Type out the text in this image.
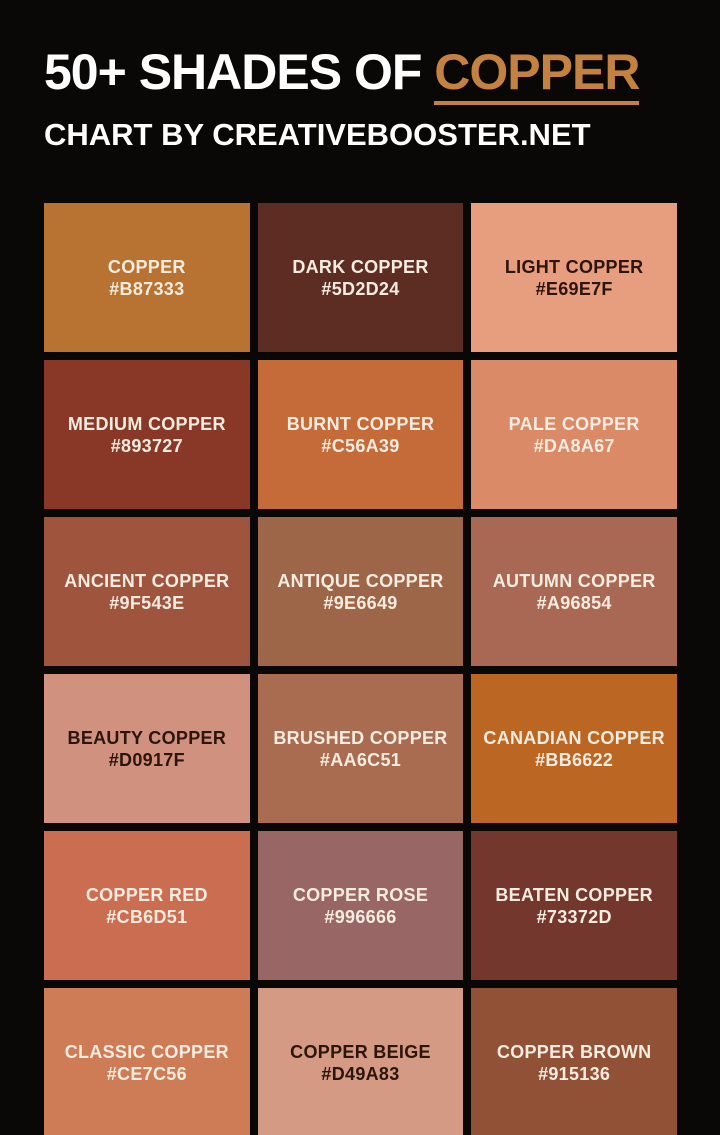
50+ SHADES OF COPPER
CHART BY CREATIVEBOOSTER.NET
COPPER
#B87333
DARK COPPER
#5D2D24
LIGHT COPPER
#E69E7F
MEDIUM COPPER
#893727
BURNT COPPER
#C56A39
PALE COPPER
#DA8A67
ANCIENT COPPER
#9F543E
ANTIQUE COPPER
#9E6649
AUTUMN COPPER
#A96854
BEAUTY COPPER
#D0917F
BRUSHED COPPER
#AA6C51
CANADIAN COPPER
#BB6622
COPPER RED
#CB6D51
COPPER ROSE
#996666
BEATEN COPPER
#73372D
CLASSIC COPPER
#CE7C56
COPPER BEIGE
#D49A83
COPPER BROWN
#915136
